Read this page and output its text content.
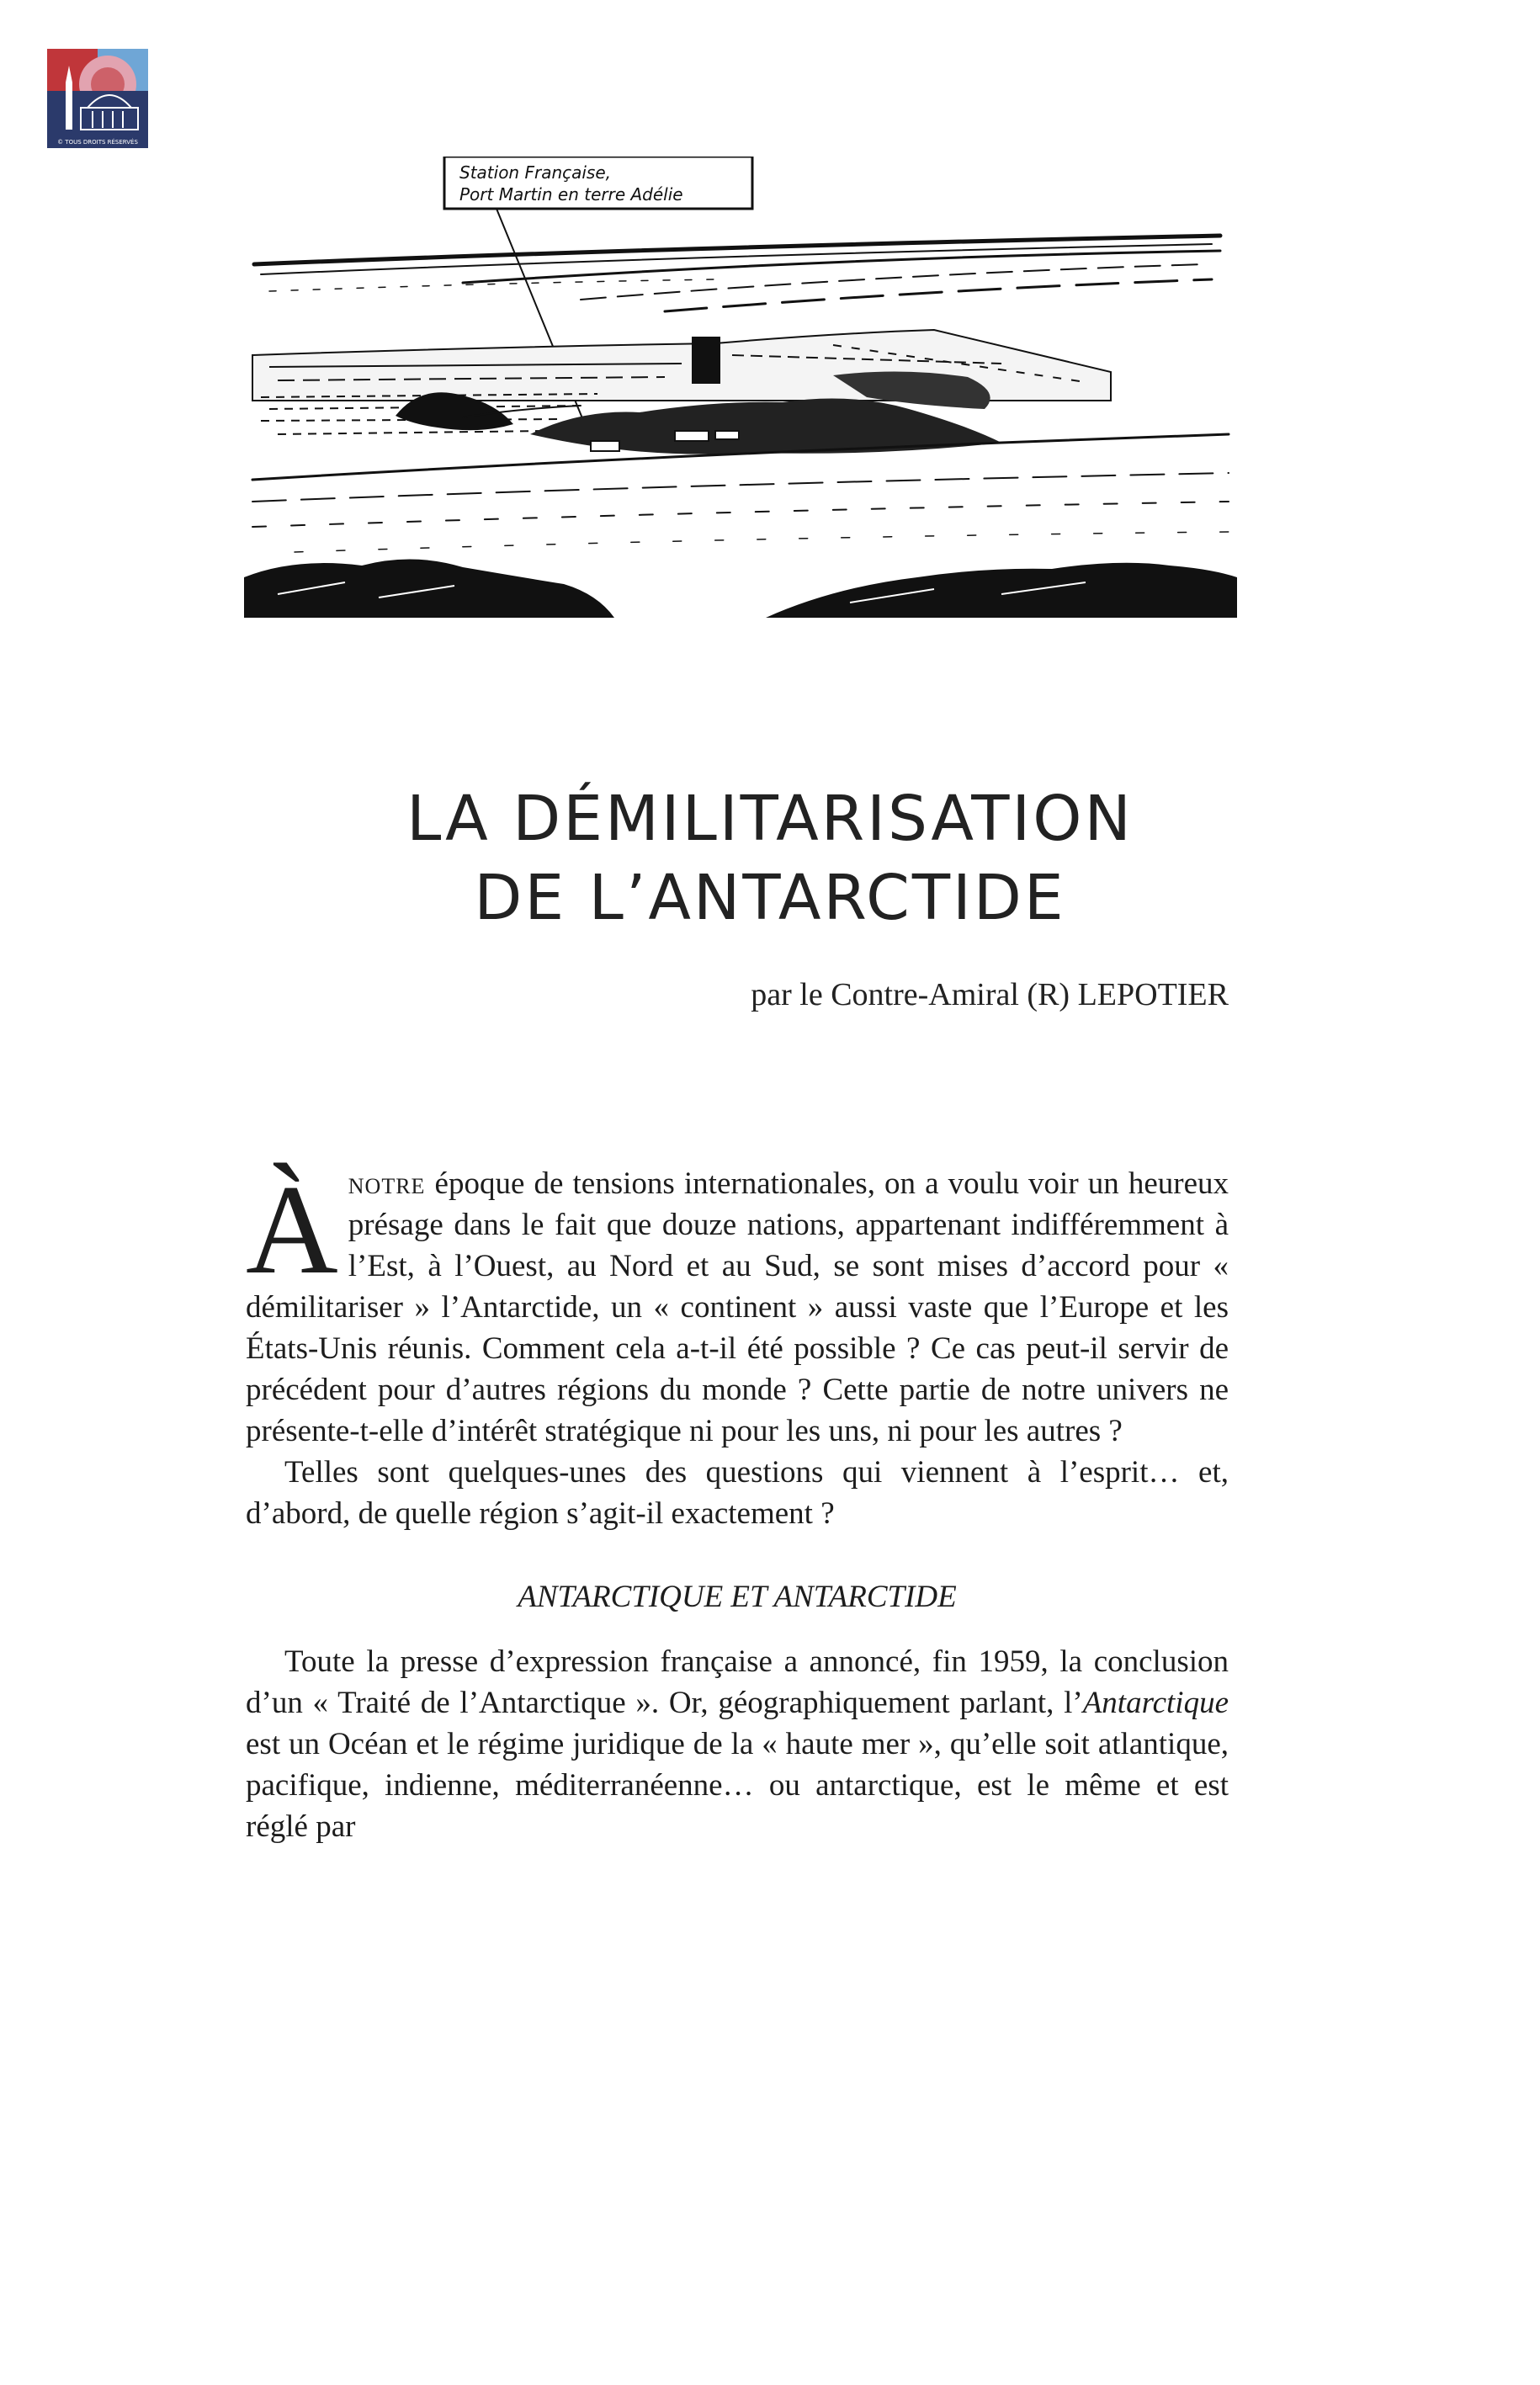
© TOUS DROITS RÉSERVÉS
Station Française,
Port Martin en terre Adélie
LA DÉMILITARISATION
DE L’ANTARCTIDE
par le Contre-Amiral (R) LEPOTIER

Ànotre époque de tensions internationales, on a voulu voir un heureux présage dans le fait que douze nations, appartenant indifféremment à l’Est, à l’Ouest, au Nord et au Sud, se sont mises d’accord pour « démilitariser » l’Antarctide, un « continent » aussi vaste que l’Europe et les États-Unis réunis. Comment cela a-t-il été possible ? Ce cas peut-il servir de précédent pour d’autres régions du monde ? Cette partie de notre univers ne présente-t-elle d’intérêt stratégique ni pour les uns, ni pour les autres ?

Telles sont quelques-unes des questions qui viennent à l’esprit… et, d’abord, de quelle région s’agit-il exactement ?

ANTARCTIQUE ET ANTARCTIDE

Toute la presse d’expression française a annoncé, fin 1959, la conclusion d’un « Traité de l’Antarctique ». Or, géographiquement parlant, l’Antarctique est un Océan et le régime juridique de la « haute mer », qu’elle soit atlantique, pacifique, indienne, méditerranéenne… ou antarctique, est le même et est réglé par
